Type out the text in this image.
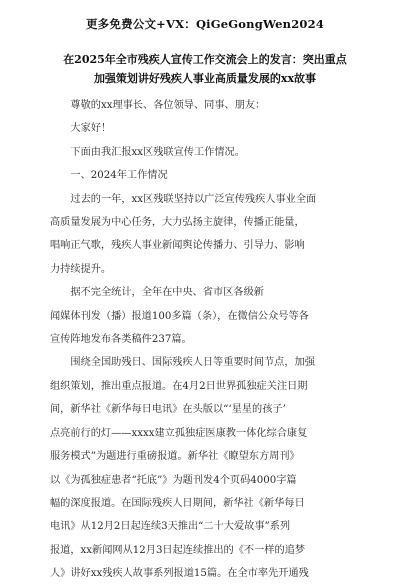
更多免费公文+VX：QiGeGongWen2024
在2025年全市残疾人宣传工作交流会上的发言：突出重点
加强策划讲好残疾人事业高质量发展的xx故事
尊敬的xx理事长、各位领导、同事、朋友：
大家好！
下面由我汇报xx区残联宣传工作情况。
一、2024年工作情况
过去的一年，xx区残联坚持以广泛宣传残疾人事业全面
高质量发展为中心任务，大力弘扬主旋律，传播正能量，
唱响正气歌，残疾人事业新闻舆论传播力、引导力、影响
力持续提升。
据不完全统计，全年在中央、省市区各级新
闻媒体刊发（播）报道100多篇（条），在微信公众号等各
宣传阵地发布各类稿件237篇。
围绕全国助残日、国际残疾人日等重要时间节点，加强
组织策划，推出重点报道。在4月2日世界孤独症关注日期
间，新华社《新华每日电讯》在头版以“‘星星的孩子’
点亮前行的灯——xxxx建立孤独症医康教一体化综合康复
服务模式”为题进行重磅报道。新华社《瞭望东方周刊》
以《为孤独症患者“托底”》为题刊发4个页码4000字篇
幅的深度报道。在国际残疾人日期间，新华社《新华每日
电讯》从12月2日起连续3天推出“二十大爱故事”系列
报道，xx新闻网从12月3日起连续推出的《不一样的追梦
人》讲好xx残疾人故事系列报道15篇。在全市率先开通残
